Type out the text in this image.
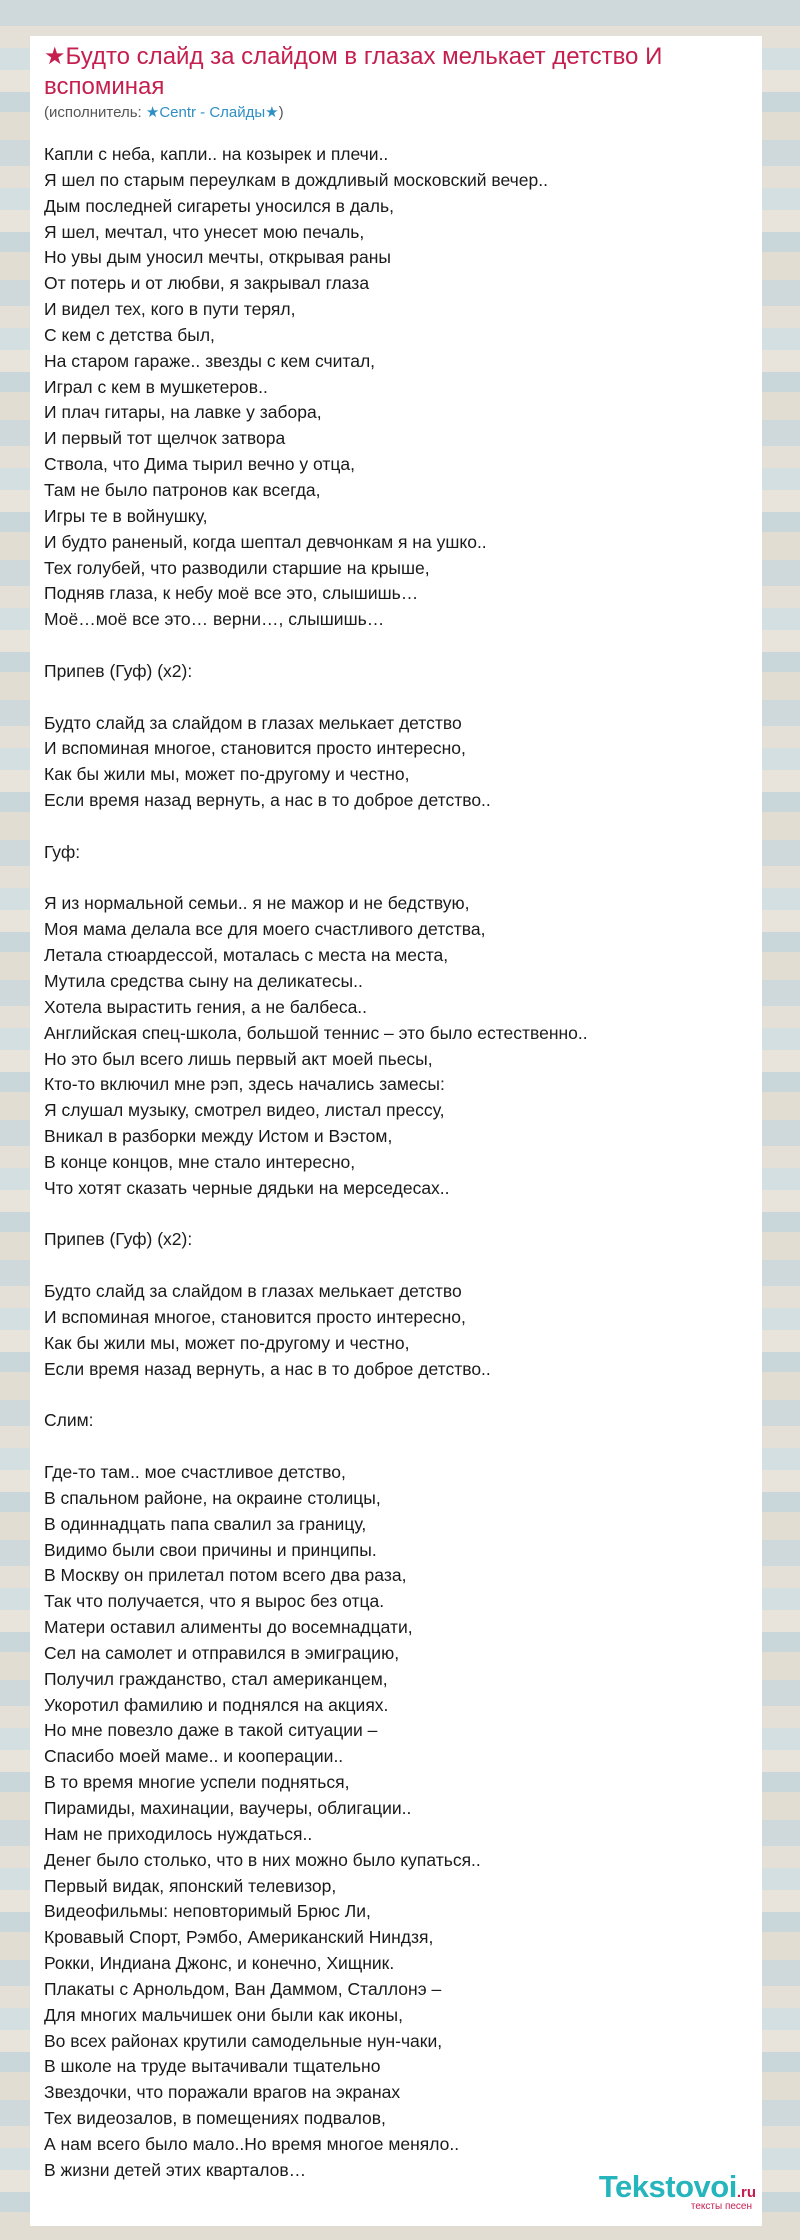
★Будто слайд за слайдом в глазах мелькает детство И вспоминая
(исполнитель: ★Centr - Слайды★)
Капли с неба, капли.. на козырек и плечи..
Я шел по старым переулкам в дождливый московский вечер..
Дым последней сигареты уносился в даль,
Я шел, мечтал, что унесет мою печаль,
Но увы дым уносил мечты, открывая раны
От потерь и от любви, я закрывал глаза
И видел тех, кого в пути терял,
С кем с детства был,
На старом гараже.. звезды с кем считал,
Играл с кем в мушкетеров..
И плач гитары, на лавке у забора,
И первый тот щелчок затвора
Ствола, что Дима тырил вечно у отца,
Там не было патронов как всегда,
Игры те в войнушку,
И будто раненый, когда шептал девчонкам я на ушко..
Тех голубей, что разводили старшие на крыше,
Подняв глаза, к небу моё все это, слышишь…
Моё…моё все это… верни…, слышишь…
Припев (Гуф) (x2):
Будто слайд за слайдом в глазах мелькает детство
И вспоминая многое, становится просто интересно,
Как бы жили мы, может по-другому и честно,
Если время назад вернуть, а нас в то доброе детство..
Гуф:
Я из нормальной семьи.. я не мажор и не бедствую,
Моя мама делала все для моего счастливого детства,
Летала стюардессой, моталась с места на места,
Мутила средства сыну на деликатесы..
Хотела вырастить гения, а не балбеса..
Английская спец-школа, большой теннис – это было естественно..
Но это был всего лишь первый акт моей пьесы,
Кто-то включил мне рэп, здесь начались замесы:
Я слушал музыку, смотрел видео, листал прессу,
Вникал в разборки между Истом и Вэстом,
В конце концов, мне стало интересно,
Что хотят сказать черные дядьки на мерседесах..
Припев (Гуф) (x2):
Будто слайд за слайдом в глазах мелькает детство
И вспоминая многое, становится просто интересно,
Как бы жили мы, может по-другому и честно,
Если время назад вернуть, а нас в то доброе детство..
Слим:
Где-то там.. мое счастливое детство,
В спальном районе, на окраине столицы,
В одиннадцать папа свалил за границу,
Видимо были свои причины и принципы.
В Москву он прилетал потом всего два раза,
Так что получается, что я вырос без отца.
Матери оставил алименты до восемнадцати,
Сел на самолет и отправился в эмиграцию,
Получил гражданство, стал американцем,
Укоротил фамилию и поднялся на акциях.
Но мне повезло даже в такой ситуации –
Спасибо моей маме.. и кооперации..
В то время многие успели подняться,
Пирамиды, махинации, ваучеры, облигации..
Нам не приходилось нуждаться..
Денег было столько, что в них можно было купаться..
Первый видак, японский телевизор,
Видеофильмы: неповторимый Брюс Ли,
Кровавый Спорт, Рэмбо, Американский Ниндзя,
Рокки, Индиана Джонс, и конечно, Хищник.
Плакаты с Арнольдом, Ван Даммом, Сталлонэ –
Для многих мальчишек они были как иконы,
Во всех районах крутили самодельные нун-чаки,
В школе на труде вытачивали тщательно
Звездочки, что поражали врагов на экранах
Тех видеозалов, в помещениях подвалов,
А нам всего было мало..Но время многое меняло..
В жизни детей этих кварталов…	Tekstovoi.ru
тексты песен
